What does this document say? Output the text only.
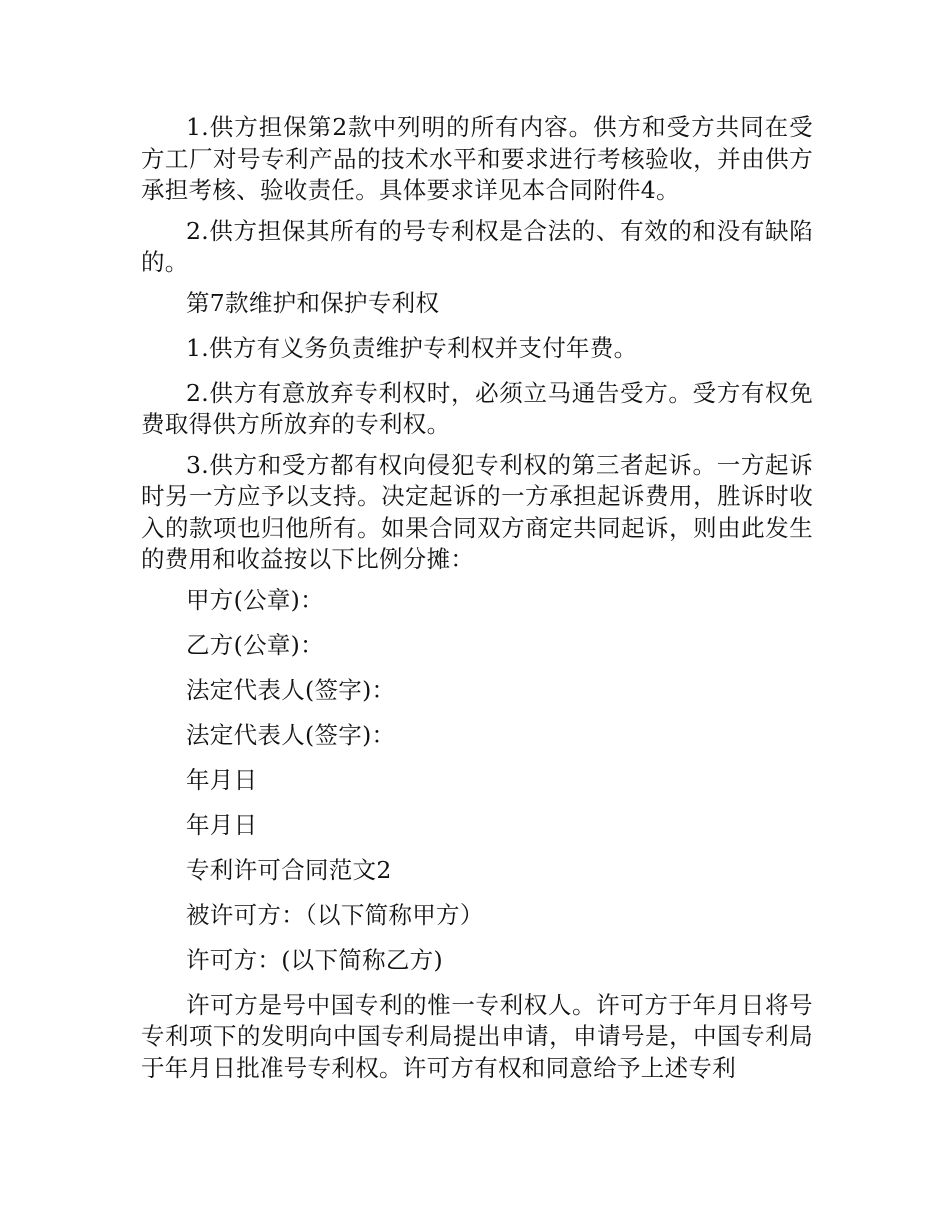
1.供方担保第2款中列明的所有内容。供方和受方共同在受方工厂对号专利产品的技术水平和要求进行考核验收，并由供方承担考核、验收责任。具体要求详见本合同附件4。

2.供方担保其所有的号专利权是合法的、有效的和没有缺陷的。

第7款维护和保护专利权

1.供方有义务负责维护专利权并支付年费。

2.供方有意放弃专利权时，必须立马通告受方。受方有权免费取得供方所放弃的专利权。

3.供方和受方都有权向侵犯专利权的第三者起诉。一方起诉时另一方应予以支持。决定起诉的一方承担起诉费用，胜诉时收入的款项也归他所有。如果合同双方商定共同起诉，则由此发生的费用和收益按以下比例分摊：

甲方(公章)：

乙方(公章)：

法定代表人(签字)：

法定代表人(签字)：

年月日

年月日

专利许可合同范文2

被许可方：（以下简称甲方）

许可方：(以下简称乙方)

许可方是号中国专利的惟一专利权人。许可方于年月日将号专利项下的发明向中国专利局提出申请，申请号是，中国专利局于年月日批准号专利权。许可方有权和同意给予上述专利
